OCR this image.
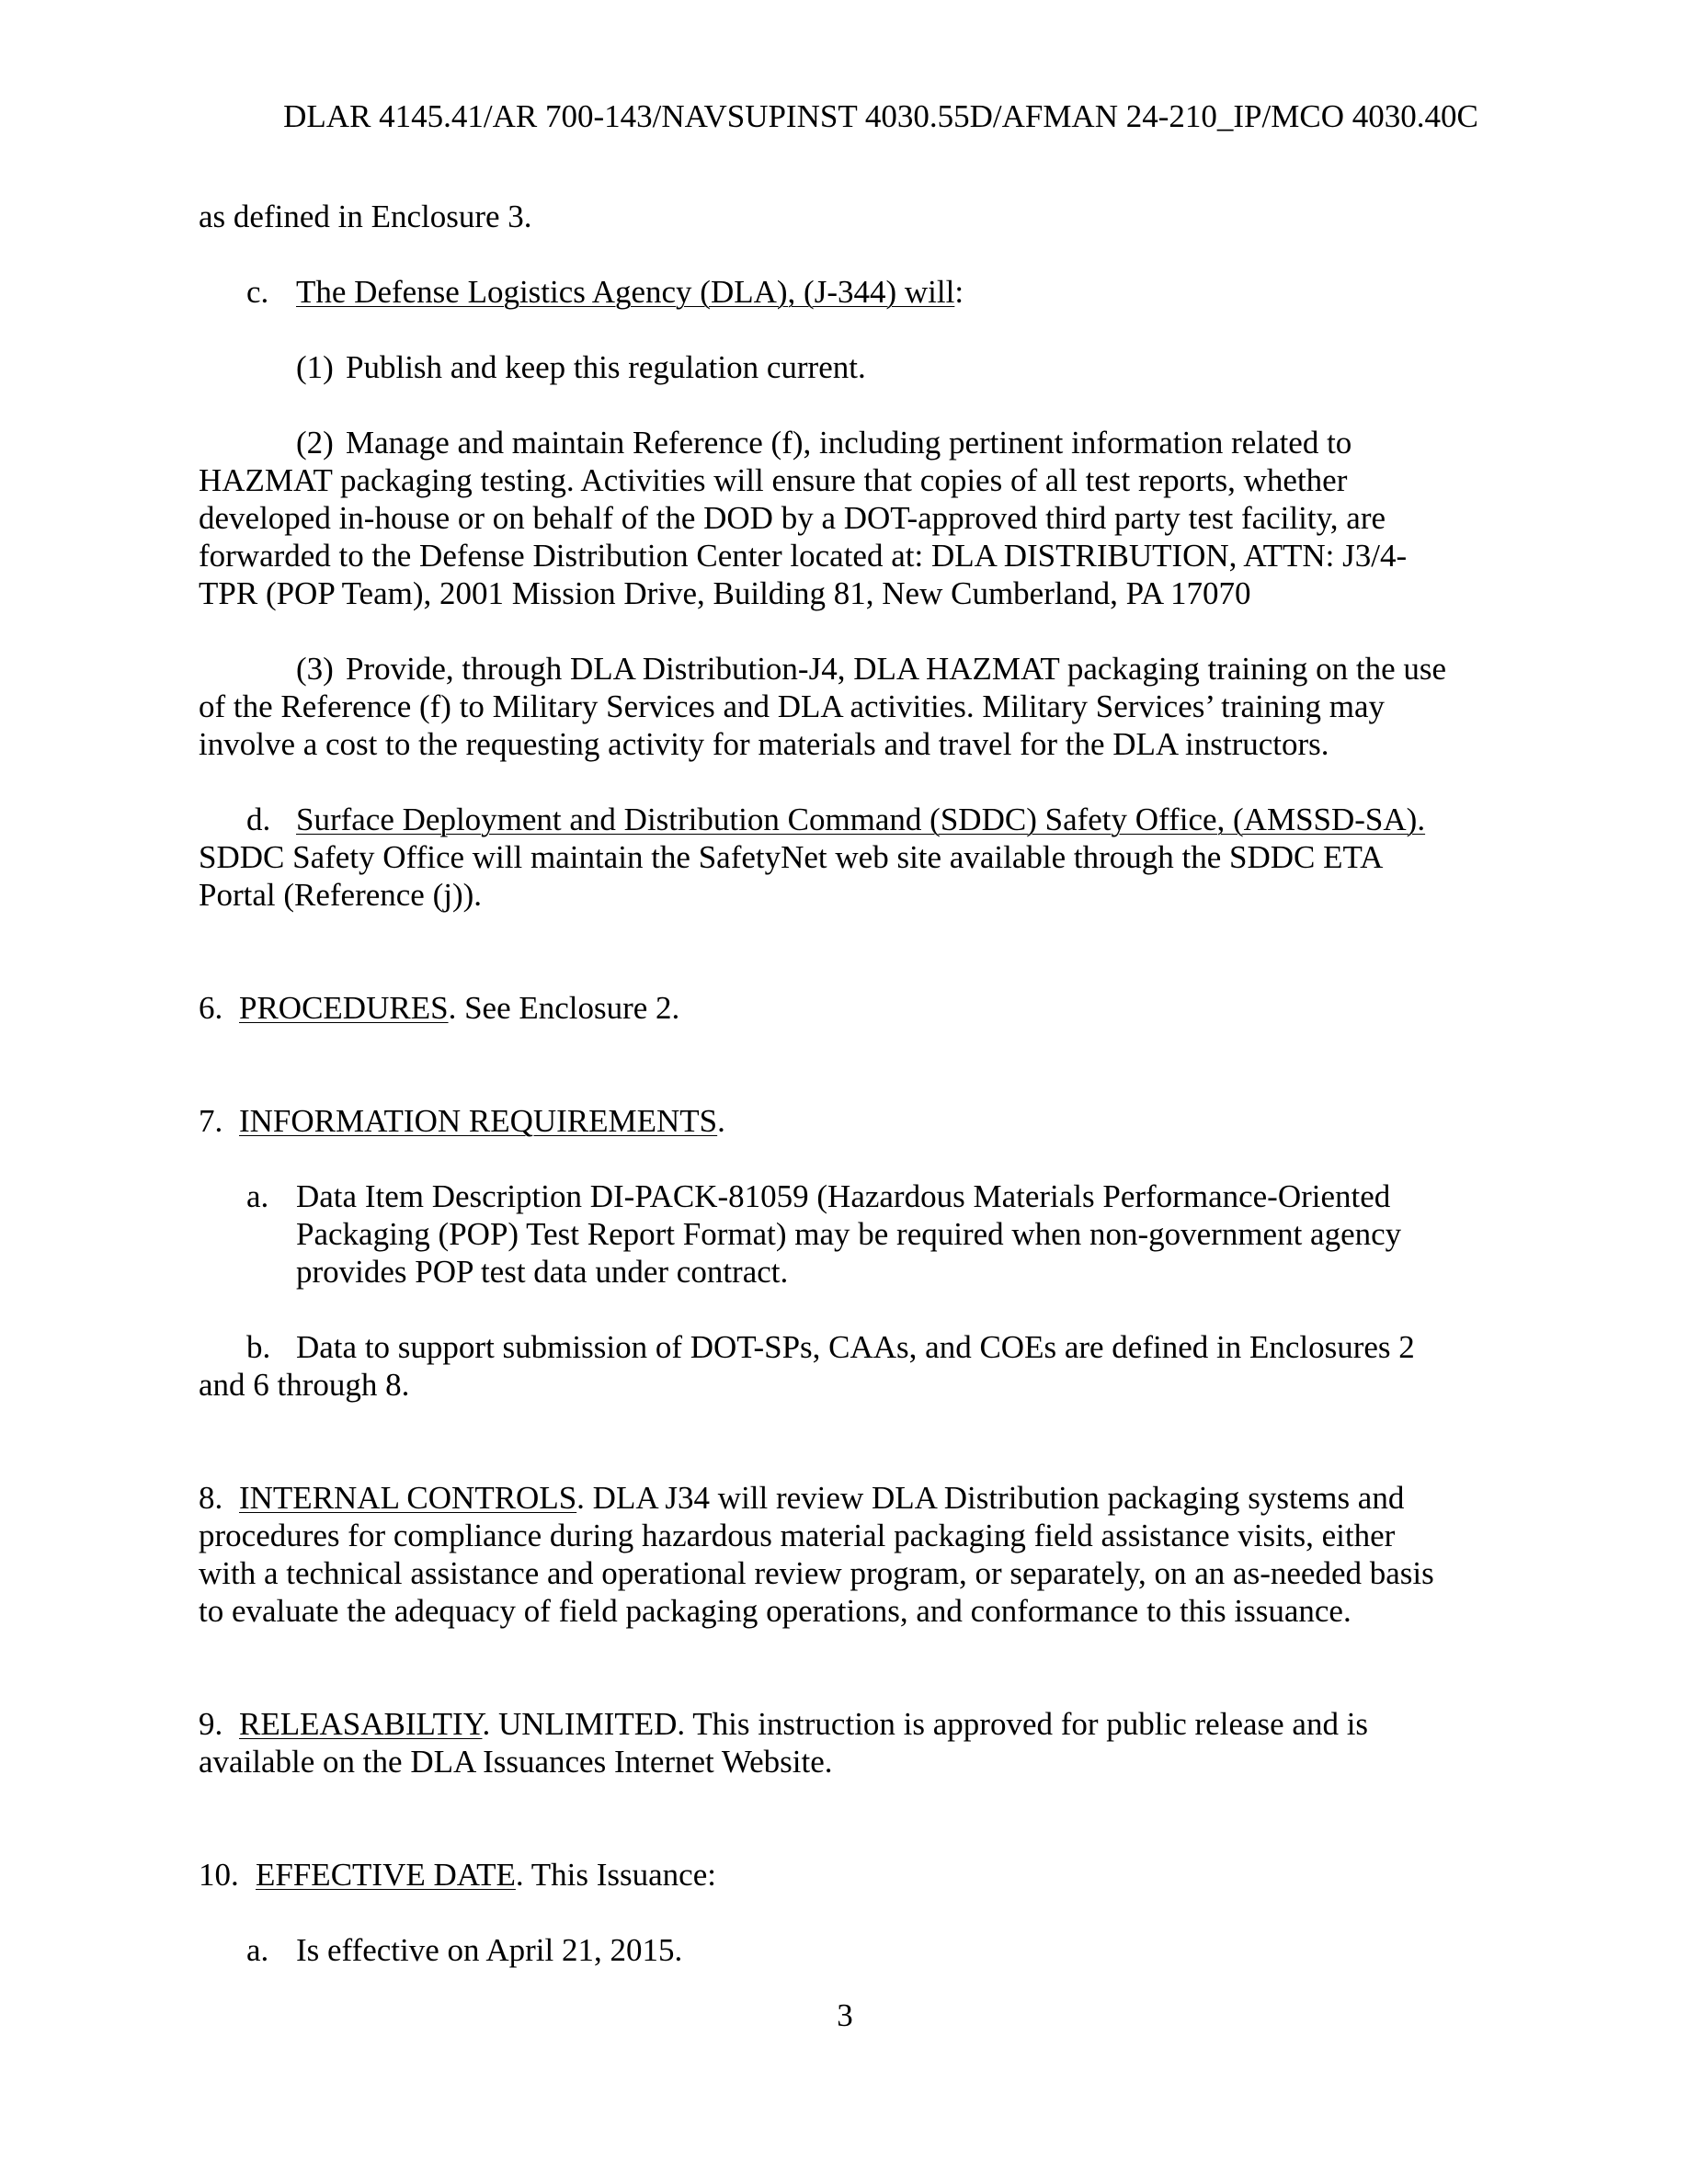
DLAR 4145.41/AR 700-143/NAVSUPINST 4030.55D/AFMAN 24-210_IP/MCO 4030.40C
as defined in Enclosure 3.
c. The Defense Logistics Agency (DLA), (J-344) will:
(1) Publish and keep this regulation current.
(2) Manage and maintain Reference (f), including pertinent information related to
HAZMAT packaging testing. Activities will ensure that copies of all test reports, whether
developed in-house or on behalf of the DOD by a DOT-approved third party test facility, are
forwarded to the Defense Distribution Center located at: DLA DISTRIBUTION, ATTN: J3/4-
TPR (POP Team), 2001 Mission Drive, Building 81, New Cumberland, PA 17070
(3) Provide, through DLA Distribution-J4, DLA HAZMAT packaging training on the use
of the Reference (f) to Military Services and DLA activities. Military Services’ training may
involve a cost to the requesting activity for materials and travel for the DLA instructors.
d. Surface Deployment and Distribution Command (SDDC) Safety Office, (AMSSD-SA).
SDDC Safety Office will maintain the SafetyNet web site available through the SDDC ETA
Portal (Reference (j)).
6. PROCEDURES. See Enclosure 2.
7. INFORMATION REQUIREMENTS.
a. Data Item Description DI-PACK-81059 (Hazardous Materials Performance-Oriented
Packaging (POP) Test Report Format) may be required when non-government agency
provides POP test data under contract.
b. Data to support submission of DOT-SPs, CAAs, and COEs are defined in Enclosures 2
and 6 through 8.
8. INTERNAL CONTROLS. DLA J34 will review DLA Distribution packaging systems and
procedures for compliance during hazardous material packaging field assistance visits, either
with a technical assistance and operational review program, or separately, on an as-needed basis
to evaluate the adequacy of field packaging operations, and conformance to this issuance.
9. RELEASABILTIY. UNLIMITED. This instruction is approved for public release and is
available on the DLA Issuances Internet Website.
10. EFFECTIVE DATE. This Issuance:
a. Is effective on April 21, 2015.
3
